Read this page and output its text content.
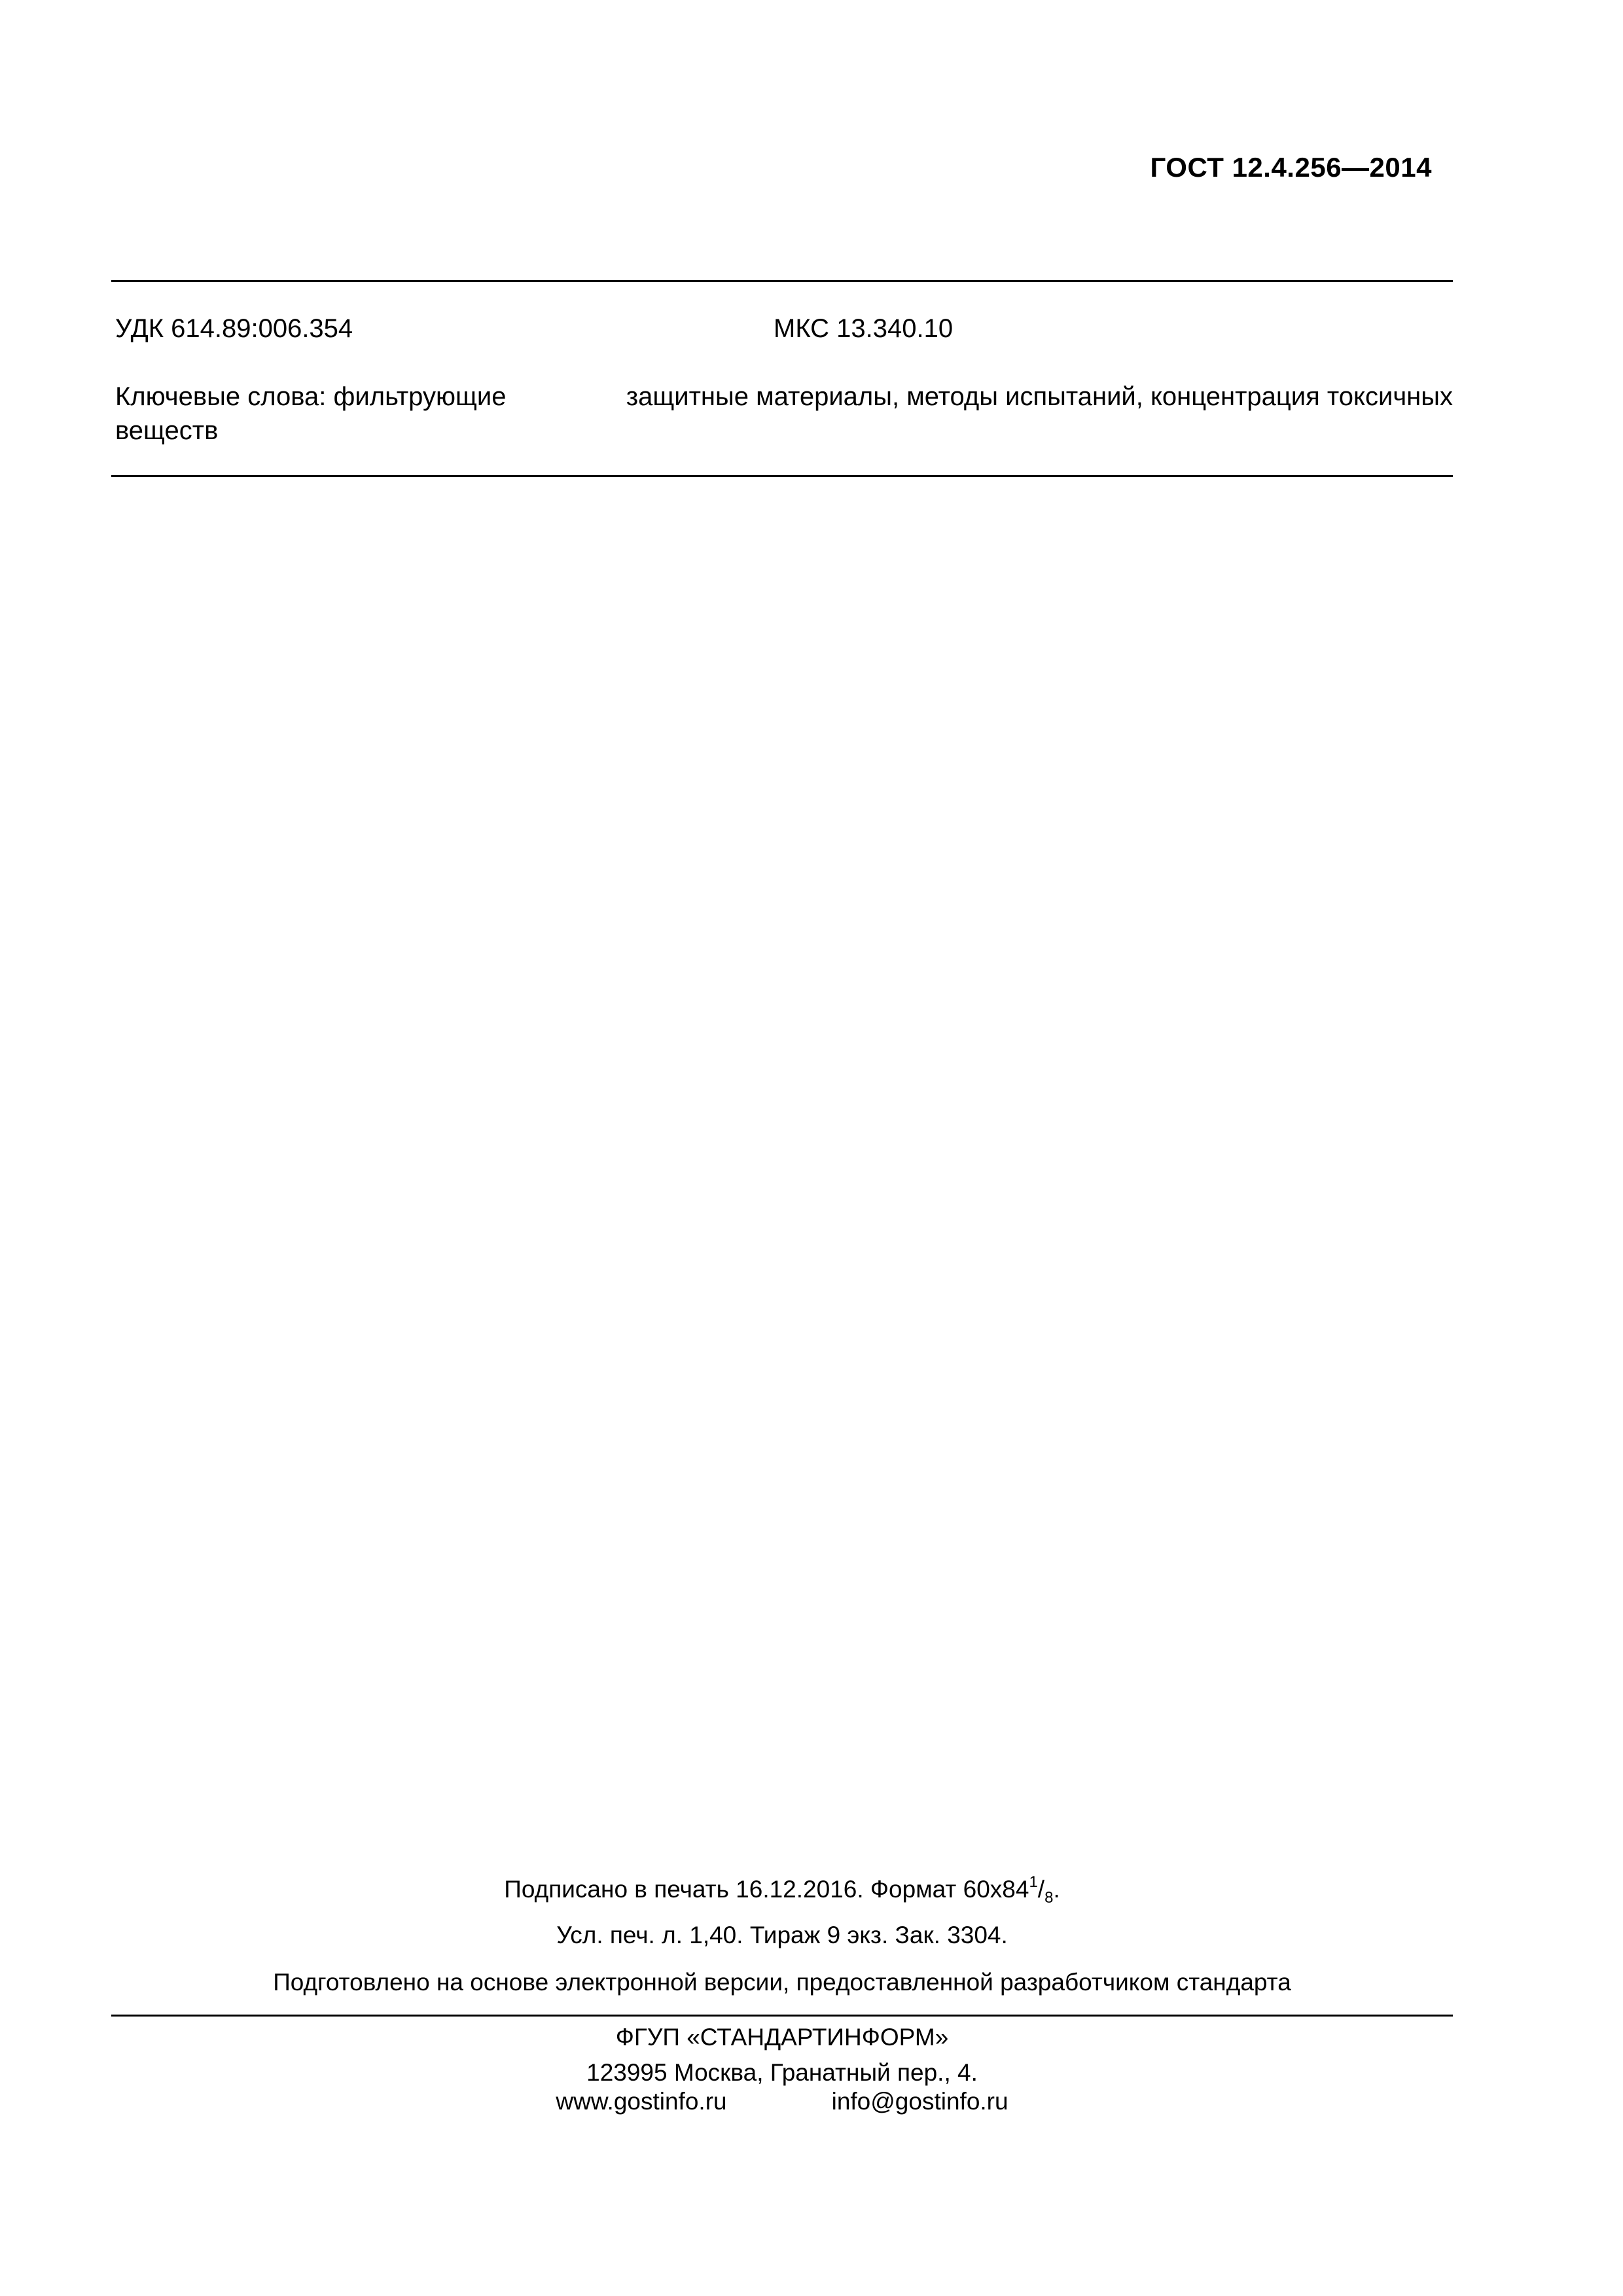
ГОСТ 12.4.256—2014
УДК 614.89:006.354	МКС 13.340.10
Ключевые слова: фильтрующие	защитные материалы, методы испытаний, концентрация токсичных
веществ
Подписано в печать 16.12.2016. Формат $60x84^1/_8$.
Усл. печ. л. 1,40. Тираж 9 экз. Зак. 3304.
Подготовлено на основе электронной версии, предоставленной разработчиком стандарта
ФГУП «СТАНДАРТИНФОРМ»
123995 Москва, Гранатный пер., 4.
www.gostinfo.ru	info@gostinfo.ru
